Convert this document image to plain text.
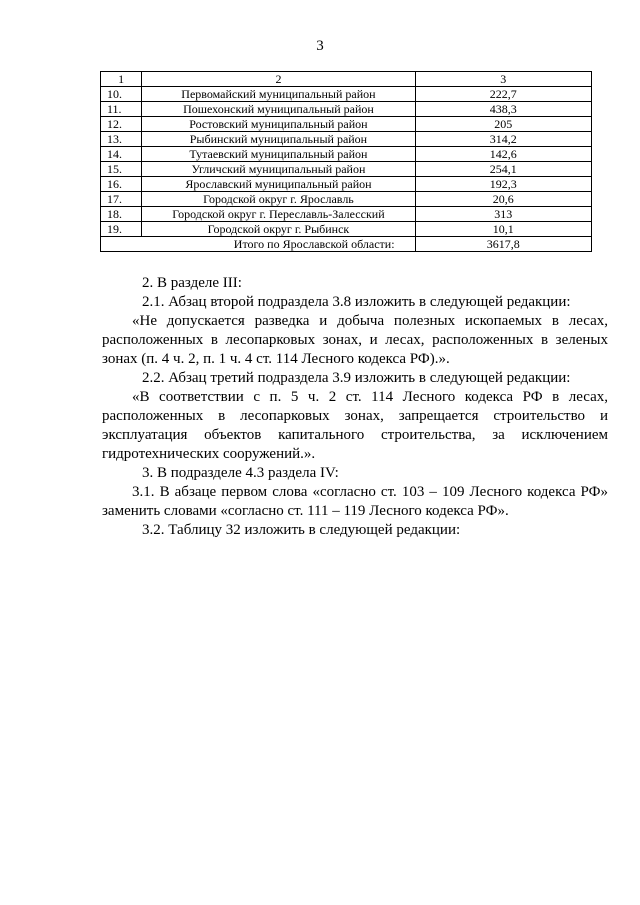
3
1	2	3
10.	Первомайский муниципальный район	222,7
11.	Пошехонский муниципальный район	438,3
12.	Ростовский муниципальный район	205
13.	Рыбинский муниципальный район	314,2
14.	Тутаевский муниципальный район	142,6
15.	Угличский муниципальный район	254,1
16.	Ярославский муниципальный район	192,3
17.	Городской округ г. Ярославль	20,6
18.	Городской округ г. Переславль-Залесский	313
19.	Городской округ г. Рыбинск	10,1
Итого по Ярославской области:		3617,8

2. В разделе III:

2.1. Абзац второй подраздела 3.8 изложить в следующей редакции:

«Не допускается разведка и добыча полезных ископаемых в лесах, расположенных в лесопарковых зонах, и лесах, расположенных в зеленых зонах (п. 4 ч. 2, п. 1 ч. 4 ст. 114 Лесного кодекса РФ).».

2.2. Абзац третий подраздела 3.9 изложить в следующей редакции:

«В соответствии с п. 5 ч. 2 ст. 114 Лесного кодекса РФ в лесах, расположенных в лесопарковых зонах, запрещается строительство и эксплуатация объектов капитального строительства, за исключением гидротехнических сооружений.».

3. В подразделе 4.3 раздела IV:

3.1. В абзаце первом слова «согласно ст. 103 – 109 Лесного кодекса РФ» заменить словами «согласно ст. 111 – 119 Лесного кодекса РФ».

3.2. Таблицу 32 изложить в следующей редакции:
